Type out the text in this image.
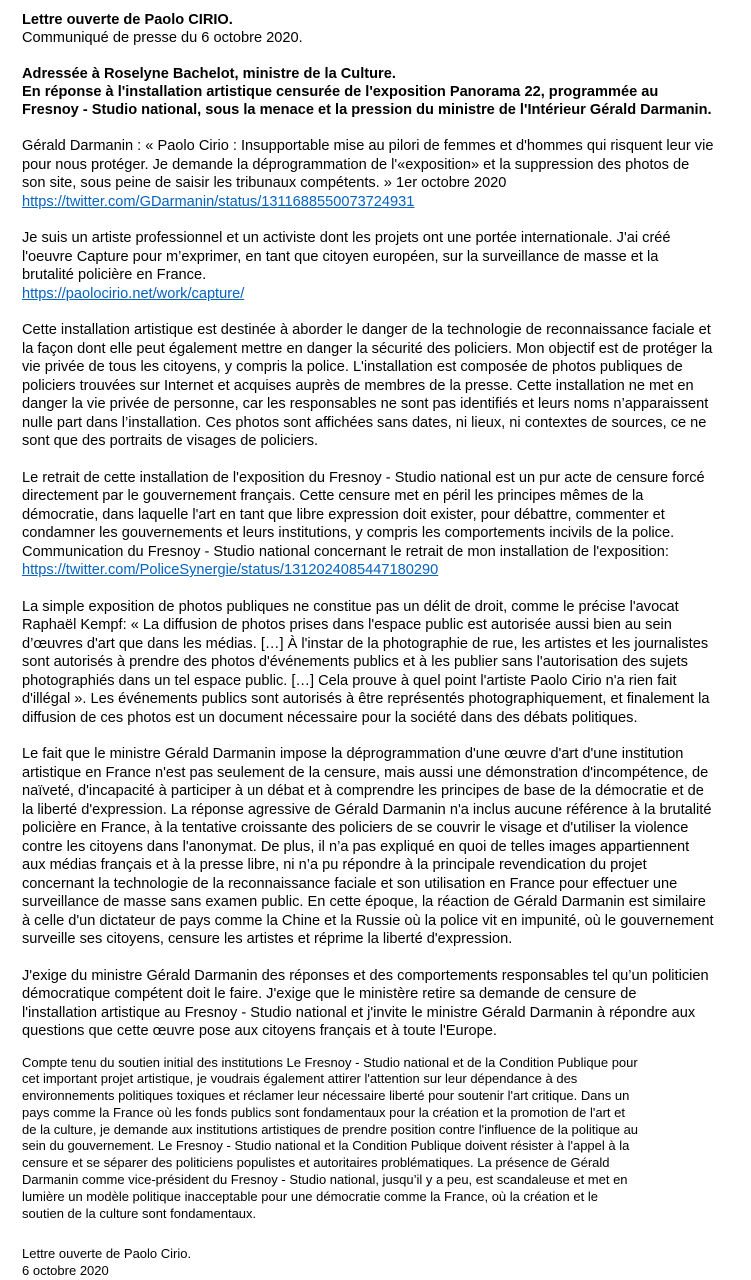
Lettre ouverte de Paolo CIRIO.
Communiqué de presse du 6 octobre 2020.
Adressée à Roselyne Bachelot, ministre de la Culture.
En réponse à l'installation artistique censurée de l'exposition Panorama 22, programmée au
Fresnoy - Studio national, sous la menace et la pression du ministre de l'Intérieur Gérald Darmanin.

Gérald Darmanin : « Paolo Cirio : Insupportable mise au pilori de femmes et d'hommes qui risquent leur vie
pour nous protéger. Je demande la déprogrammation de l'«exposition» et la suppression des photos de
son site, sous peine de saisir les tribunaux compétents. » 1er octobre 2020
https://twitter.com/GDarmanin/status/1311688550073724931

Je suis un artiste professionnel et un activiste dont les projets ont une portée internationale. J'ai créé
l'oeuvre Capture pour m’exprimer, en tant que citoyen européen, sur la surveillance de masse et la
brutalité policière en France.
https://paolocirio.net/work/capture/

Cette installation artistique est destinée à aborder le danger de la technologie de reconnaissance faciale et
la façon dont elle peut également mettre en danger la sécurité des policiers. Mon objectif est de protéger la
vie privée de tous les citoyens, y compris la police. L'installation est composée de photos publiques de
policiers trouvées sur Internet et acquises auprès de membres de la presse. Cette installation ne met en
danger la vie privée de personne, car les responsables ne sont pas identifiés et leurs noms n’apparaissent
nulle part dans l’installation. Ces photos sont affichées sans dates, ni lieux, ni contextes de sources, ce ne
sont que des portraits de visages de policiers.

Le retrait de cette installation de l'exposition du Fresnoy - Studio national est un pur acte de censure forcé
directement par le gouvernement français. Cette censure met en péril les principes mêmes de la
démocratie, dans laquelle l'art en tant que libre expression doit exister, pour débattre, commenter et
condamner les gouvernements et leurs institutions, y compris les comportements incivils de la police.
Communication du Fresnoy - Studio national concernant le retrait de mon installation de l'exposition:
https://twitter.com/PoliceSynergie/status/1312024085447180290

La simple exposition de photos publiques ne constitue pas un délit de droit, comme le précise l'avocat
Raphaël Kempf: « La diffusion de photos prises dans l'espace public est autorisée aussi bien au sein
d’œuvres d'art que dans les médias. […] À l'instar de la photographie de rue, les artistes et les journalistes
sont autorisés à prendre des photos d'événements publics et à les publier sans l'autorisation des sujets
photographiés dans un tel espace public. […] Cela prouve à quel point l'artiste Paolo Cirio n'a rien fait
d'illégal ». Les événements publics sont autorisés à être représentés photographiquement, et finalement la
diffusion de ces photos est un document nécessaire pour la société dans des débats politiques.

Le fait que le ministre Gérald Darmanin impose la déprogrammation d'une œuvre d'art d'une institution
artistique en France n'est pas seulement de la censure, mais aussi une démonstration d'incompétence, de
naïveté, d'incapacité à participer à un débat et à comprendre les principes de base de la démocratie et de
la liberté d'expression. La réponse agressive de Gérald Darmanin n'a inclus aucune référence à la brutalité
policière en France, à la tentative croissante des policiers de se couvrir le visage et d'utiliser la violence
contre les citoyens dans l'anonymat. De plus, il n’a pas expliqué en quoi de telles images appartiennent
aux médias français et à la presse libre, ni n’a pu répondre à la principale revendication du projet
concernant la technologie de la reconnaissance faciale et son utilisation en France pour effectuer une
surveillance de masse sans examen public. En cette époque, la réaction de Gérald Darmanin est similaire
à celle d'un dictateur de pays comme la Chine et la Russie où la police vit en impunité, où le gouvernement
surveille ses citoyens, censure les artistes et réprime la liberté d'expression.

J'exige du ministre Gérald Darmanin des réponses et des comportements responsables tel qu’un politicien
démocratique compétent doit le faire. J'exige que le ministère retire sa demande de censure de
l'installation artistique au Fresnoy - Studio national et j'invite le ministre Gérald Darmanin à répondre aux
questions que cette œuvre pose aux citoyens français et à toute l'Europe.

Compte tenu du soutien initial des institutions Le Fresnoy - Studio national et de la Condition Publique pour
cet important projet artistique, je voudrais également attirer l'attention sur leur dépendance à des
environnements politiques toxiques et réclamer leur nécessaire liberté pour soutenir l'art critique. Dans un
pays comme la France où les fonds publics sont fondamentaux pour la création et la promotion de l'art et
de la culture, je demande aux institutions artistiques de prendre position contre l'influence de la politique au
sein du gouvernement. Le Fresnoy - Studio national et la Condition Publique doivent résister à l'appel à la
censure et se séparer des politiciens populistes et autoritaires problématiques. La présence de Gérald
Darmanin comme vice-président du Fresnoy - Studio national, jusqu’il y a peu, est scandaleuse et met en
lumière un modèle politique inacceptable pour une démocratie comme la France, où la création et le
soutien de la culture sont fondamentaux.

Lettre ouverte de Paolo Cirio.
6 octobre 2020
